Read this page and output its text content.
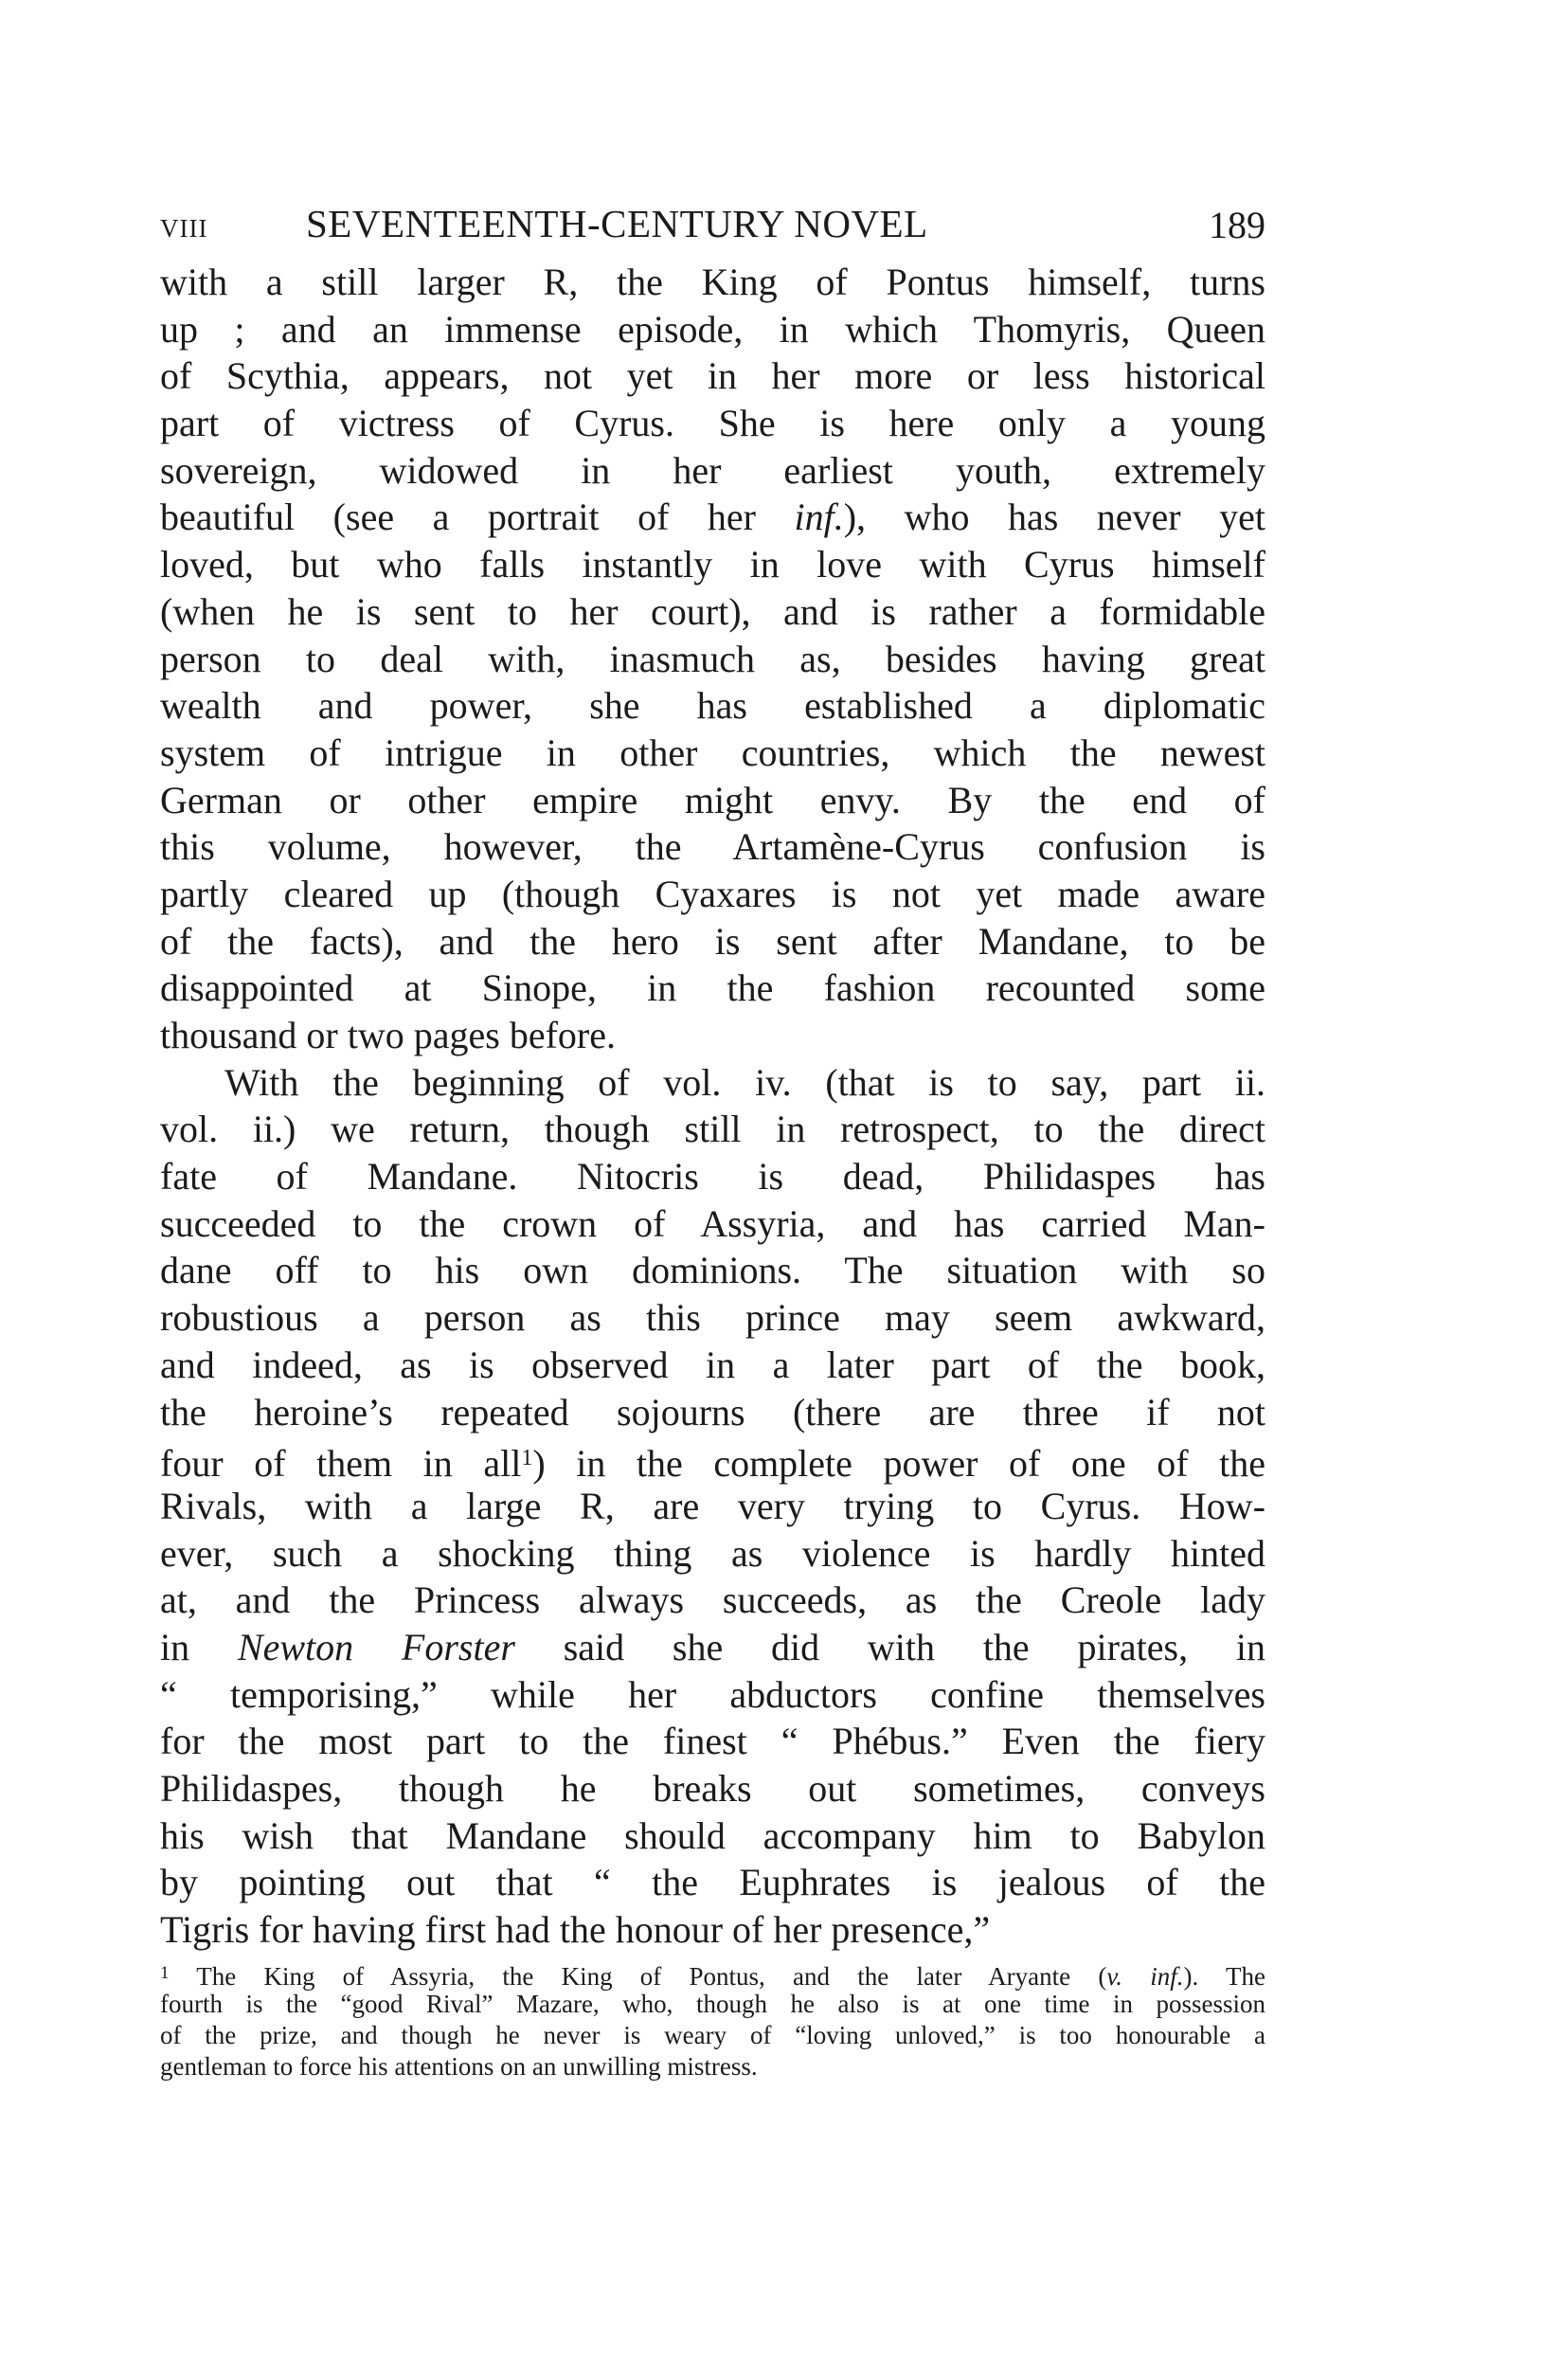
VIII	SEVENTEENTH-CENTURY NOVEL	189
with a still larger R, the King of Pontus himself, turns
up ; and an immense episode, in which Thomyris, Queen
of Scythia, appears, not yet in her more or less historical
part of victress of Cyrus. She is here only a young
sovereign, widowed in her earliest youth, extremely
beautiful (see a portrait of her inf.), who has never yet
loved, but who falls instantly in love with Cyrus himself
(when he is sent to her court), and is rather a formidable
person to deal with, inasmuch as, besides having great
wealth and power, she has established a diplomatic
system of intrigue in other countries, which the newest
German or other empire might envy. By the end of
this volume, however, the Artamène-Cyrus confusion is
partly cleared up (though Cyaxares is not yet made aware
of the facts), and the hero is sent after Mandane, to be
disappointed at Sinope, in the fashion recounted some
thousand or two pages before.
With the beginning of vol. iv. (that is to say, part ii.
vol. ii.) we return, though still in retrospect, to the direct
fate of Mandane. Nitocris is dead, Philidaspes has
succeeded to the crown of Assyria, and has carried Man-
dane off to his own dominions. The situation with so
robustious a person as this prince may seem awkward,
and indeed, as is observed in a later part of the book,
the heroine’s repeated sojourns (there are three if not
four of them in all$^1$) in the complete power of one of the
Rivals, with a large R, are very trying to Cyrus. How-
ever, such a shocking thing as violence is hardly hinted
at, and the Princess always succeeds, as the Creole lady
in Newton Forster said she did with the pirates, in
“ temporising,” while her abductors confine themselves
for the most part to the finest “ Phébus.” Even the fiery
Philidaspes, though he breaks out sometimes, conveys
his wish that Mandane should accompany him to Babylon
by pointing out that “ the Euphrates is jealous of the
Tigris for having first had the honour of her presence,”
$^1$ The King of Assyria, the King of Pontus, and the later Aryante (v. inf.). The
fourth is the “good Rival” Mazare, who, though he also is at one time in possession
of the prize, and though he never is weary of “loving unloved,” is too honourable a
gentleman to force his attentions on an unwilling mistress.
